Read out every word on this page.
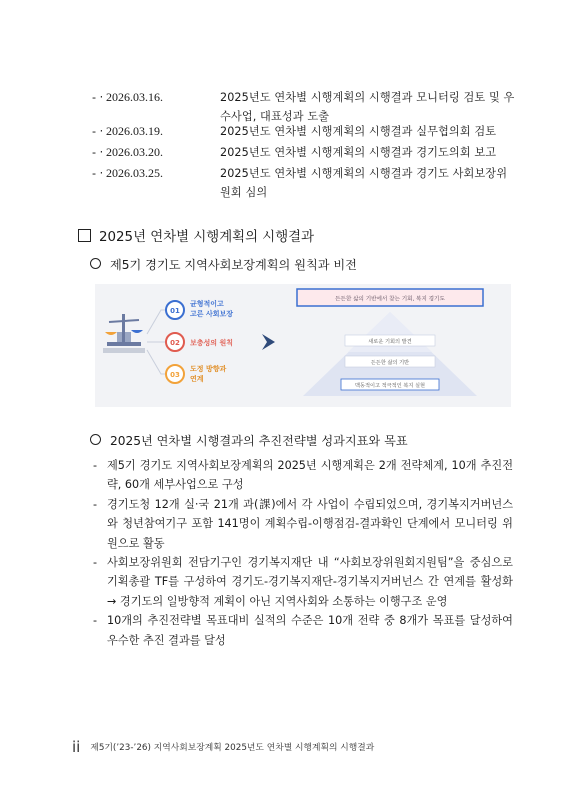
- · 2026.03.16.	2025년도 연차별 시행계획의 시행결과 모니터링 검토 및 우수사업, 대표성과 도출
- · 2026.03.19.	2025년도 연차별 시행계획의 시행결과 실무협의회 검토
- · 2026.03.20.	2025년도 연차별 시행계획의 시행결과 경기도의회 보고
- · 2026.03.25.	2025년도 연차별 시행계획의 시행결과 경기도 사회보장위원회 심의
2025년 연차별 시행계획의 시행결과
제5기 경기도 지역사회보장계획의 원칙과 비전
01
균형적이고
고른 사회보장
02 보충성의 원칙
03
도정 방향과
연계
든든한 삶의 기반에서 찾는 기회, 복지 경기도
새로운 기회의 발견
든든한 삶의 기반
맥동적이고 적극적인 복지 실현
2025년 연차별 시행결과의 추진전략별 성과지표와 목표
- 제5기 경기도 지역사회보장계획의 2025년 시행계획은 2개 전략체계, 10개 추진전략, 60개 세부사업으로 구성
- 경기도청 12개 실·국 21개 과(課)에서 각 사업이 수립되었으며, 경기복지거버넌스와 청년참여기구 포함 141명이 계획수립-이행점검-결과확인 단계에서 모니터링 위원으로 활동
- 사회보장위원회 전담기구인 경기복지재단 내 “사회보장위원회지원팀”을 중심으로 기획총괄 TF를 구성하여 경기도-경기복지재단-경기복지거버넌스 간 연계를 활성화 → 경기도의 일방향적 계획이 아닌 지역사회와 소통하는 이행구조 운영
- 10개의 추진전략별 목표대비 실적의 수준은 10개 전략 중 8개가 목표를 달성하여 우수한 추진 결과를 달성
ii 제5기(’23-’26) 지역사회보장계획 2025년도 연차별 시행계획의 시행결과
